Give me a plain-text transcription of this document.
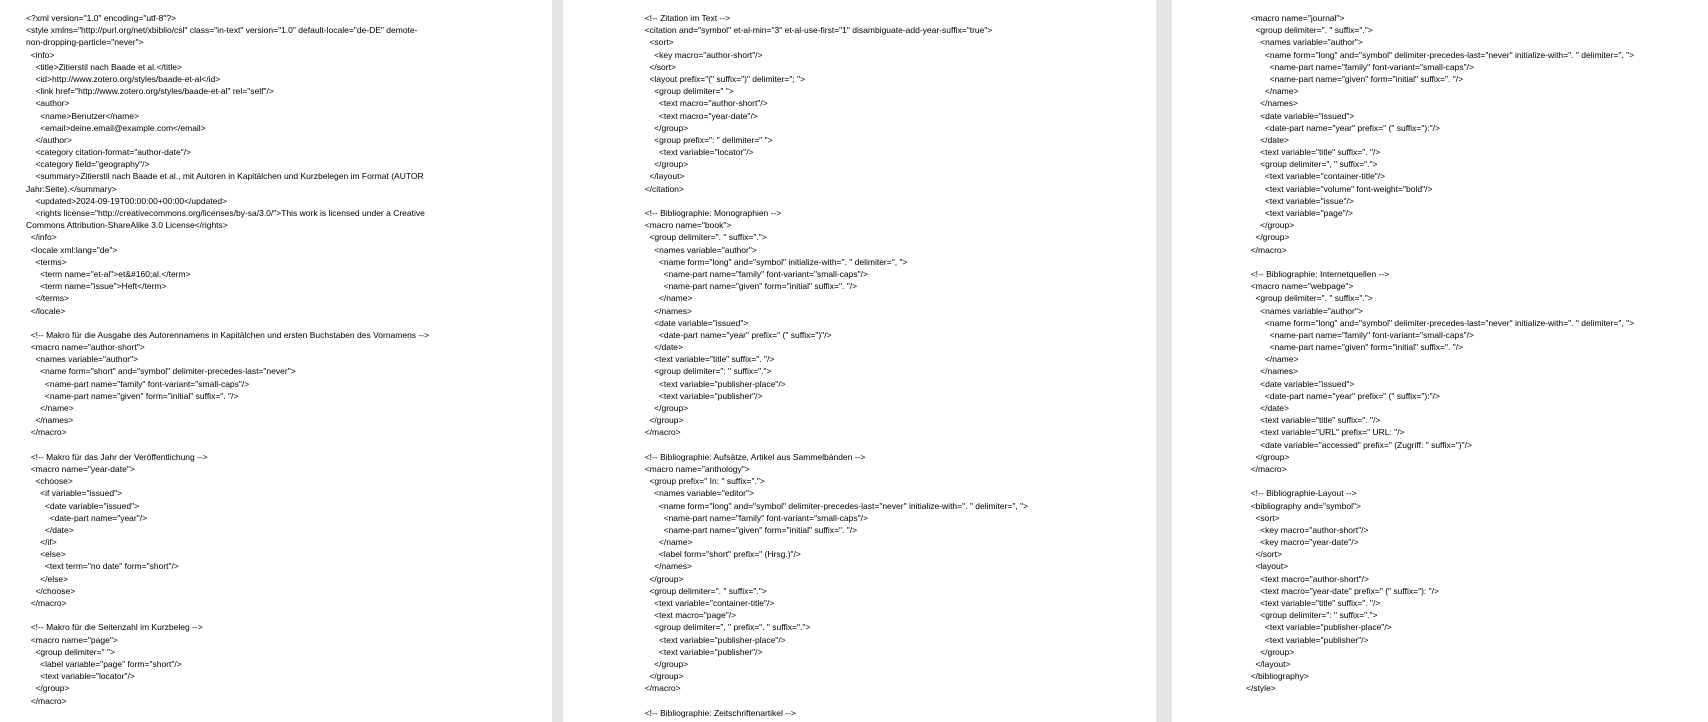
<?xml version="1.0" encoding="utf-8"?>
<style xmlns="http://purl.org/net/xbiblio/csl" class="in-text" version="1.0" default-locale="de-DE" demote-
non-dropping-particle="never">
<info>
<title>Zitierstil nach Baade et al.</title>
<id>http://www.zotero.org/styles/baade-et-al</id>
<link href="http://www.zotero.org/styles/baade-et-al" rel="self"/>
<author>
<name>Benutzer</name>
<email>deine.email@example.com</email>
</author>
<category citation-format="author-date"/>
<category field="geography"/>
<summary>Zitierstil nach Baade et al., mit Autoren in Kapitälchen und Kurzbelegen im Format (AUTOR
Jahr:Seite).</summary>
<updated>2024-09-19T00:00:00+00:00</updated>
<rights license="http://creativecommons.org/licenses/by-sa/3.0/">This work is licensed under a Creative
Commons Attribution-ShareAlike 3.0 License</rights>
</info>
<locale xml:lang="de">
<terms>
<term name="et-al">et&#160;al.</term>
<term name="issue">Heft</term>
</terms>
</locale>
<!-- Makro für die Ausgabe des Autorennamens in Kapitälchen und ersten Buchstaben des Vornamens -->
<macro name="author-short">
<names variable="author">
<name form="short" and="symbol" delimiter-precedes-last="never">
<name-part name="family" font-variant="small-caps"/>
<name-part name="given" form="initial" suffix=". "/>
</name>
</names>
</macro>
<!-- Makro für das Jahr der Veröffentlichung -->
<macro name="year-date">
<choose>
<if variable="issued">
<date variable="issued">
<date-part name="year"/>
</date>
</if>
<else>
<text term="no date" form="short"/>
</else>
</choose>
</macro>
<!-- Makro für die Seitenzahl im Kurzbeleg -->
<macro name="page">
<group delimiter=" ">
<label variable="page" form="short"/>
<text variable="locator"/>
</group>
</macro>
<!-- Zitation im Text -->
<citation and="symbol" et-al-min="3" et-al-use-first="1" disambiguate-add-year-suffix="true">
<sort>
<key macro="author-short"/>
</sort>
<layout prefix="(" suffix=")" delimiter="; ">
<group delimiter=" ">
<text macro="author-short"/>
<text macro="year-date"/>
</group>
<group prefix=": " delimiter=" ">
<text variable="locator"/>
</group>
</layout>
</citation>
<!-- Bibliographie: Monographien -->
<macro name="book">
<group delimiter=". " suffix=".">
<names variable="author">
<name form="long" and="symbol" initialize-with=". " delimiter=", ">
<name-part name="family" font-variant="small-caps"/>
<name-part name="given" form="initial" suffix=". "/>
</name>
</names>
<date variable="issued">
<date-part name="year" prefix=" (" suffix=")"/>
</date>
<text variable="title" suffix=". "/>
<group delimiter=": " suffix=".">
<text variable="publisher-place"/>
<text variable="publisher"/>
</group>
</group>
</macro>
<!-- Bibliographie: Aufsätze, Artikel aus Sammelbänden -->
<macro name="anthology">
<group prefix=" In: " suffix=".">
<names variable="editor">
<name form="long" and="symbol" delimiter-precedes-last="never" initialize-with=". " delimiter=", ">
<name-part name="family" font-variant="small-caps"/>
<name-part name="given" form="initial" suffix=". "/>
</name>
<label form="short" prefix=" (Hrsg.)"/>
</names>
</group>
<group delimiter=". " suffix=".">
<text variable="container-title"/>
<text macro="page"/>
<group delimiter=", " prefix=". " suffix=".">
<text variable="publisher-place"/>
<text variable="publisher"/>
</group>
</group>
</macro>
<!-- Bibliographie: Zeitschriftenartikel -->
<macro name="journal">
<group delimiter=". " suffix=".">
<names variable="author">
<name form="long" and="symbol" delimiter-precedes-last="never" initialize-with=". " delimiter=", ">
<name-part name="family" font-variant="small-caps"/>
<name-part name="given" form="initial" suffix=". "/>
</name>
</names>
<date variable="issued">
<date-part name="year" prefix=" (" suffix="):"/>
</date>
<text variable="title" suffix=". "/>
<group delimiter=", " suffix=".">
<text variable="container-title"/>
<text variable="volume" font-weight="bold"/>
<text variable="issue"/>
<text variable="page"/>
</group>
</group>
</macro>
<!-- Bibliographie: Internetquellen -->
<macro name="webpage">
<group delimiter=". " suffix=".">
<names variable="author">
<name form="long" and="symbol" delimiter-precedes-last="never" initialize-with=". " delimiter=", ">
<name-part name="family" font-variant="small-caps"/>
<name-part name="given" form="initial" suffix=". "/>
</name>
</names>
<date variable="issued">
<date-part name="year" prefix=" (" suffix="):"/>
</date>
<text variable="title" suffix=". "/>
<text variable="URL" prefix=" URL: "/>
<date variable="accessed" prefix=" (Zugriff: " suffix=")"/>
</group>
</macro>
<!-- Bibliographie-Layout -->
<bibliography and="symbol">
<sort>
<key macro="author-short"/>
<key macro="year-date"/>
</sort>
<layout>
<text macro="author-short"/>
<text macro="year-date" prefix=" (" suffix="): "/>
<text variable="title" suffix=". "/>
<group delimiter=": " suffix=".">
<text variable="publisher-place"/>
<text variable="publisher"/>
</group>
</layout>
</bibliography>
</style>
